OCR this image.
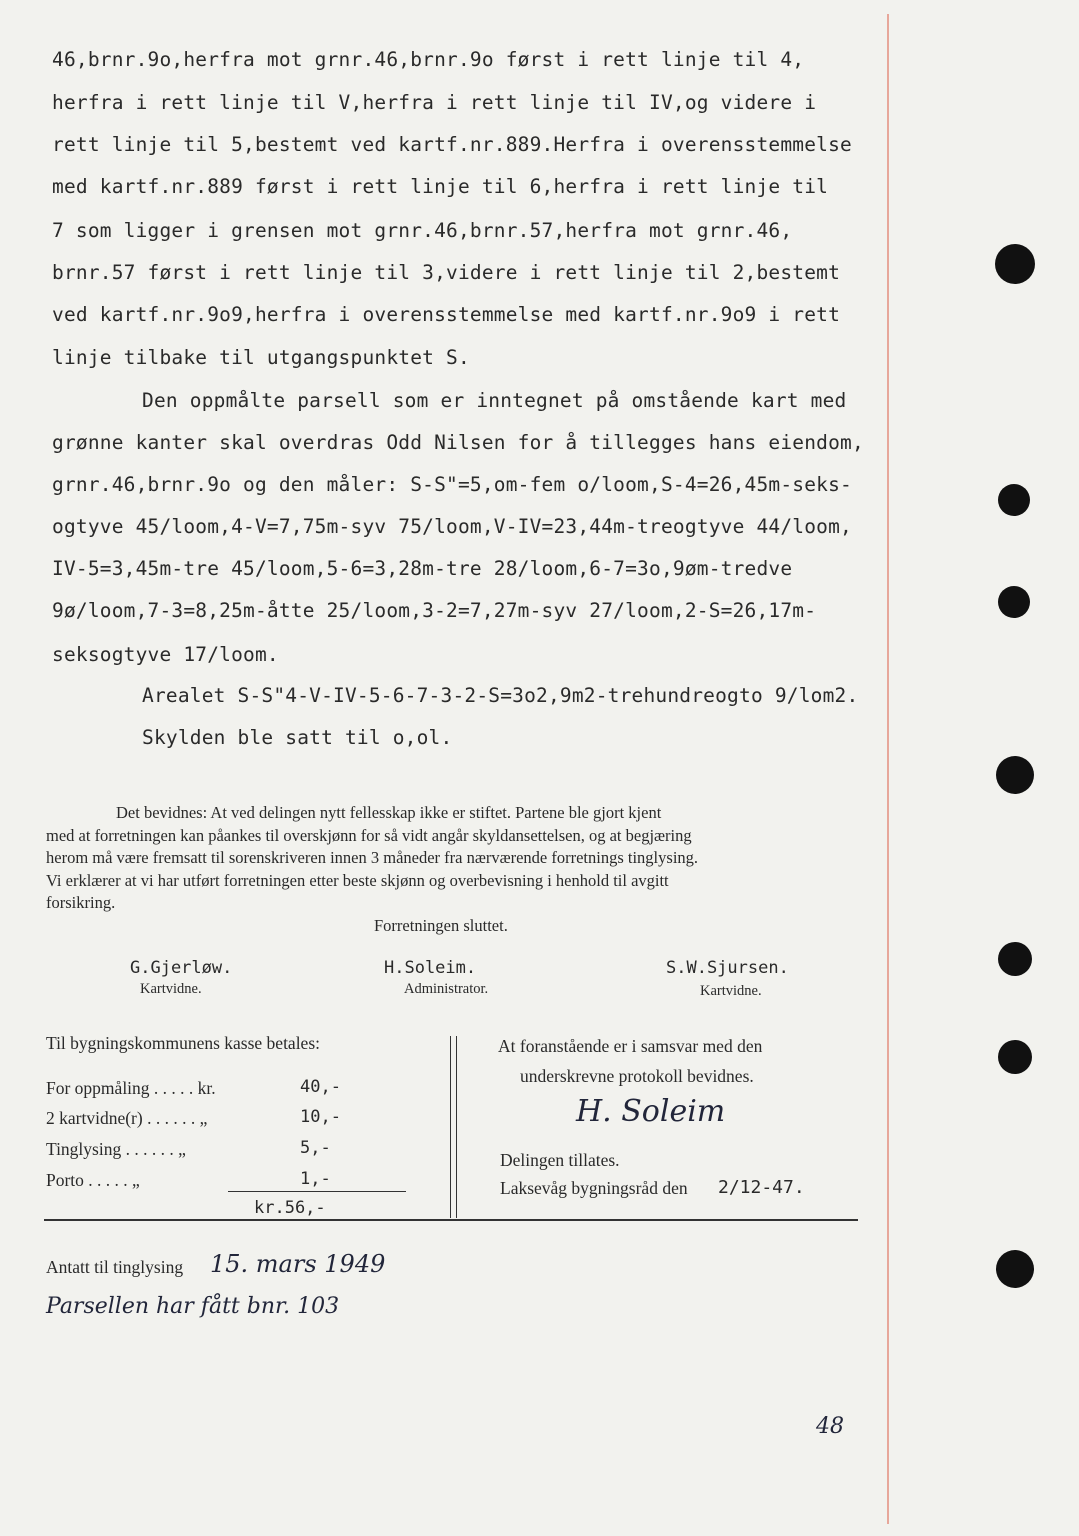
46,brnr.9o,herfra mot grnr.46,brnr.9o først i rett linje til 4,
herfra i rett linje til V,herfra i rett linje til IV,og videre i
rett linje til 5,bestemt ved kartf.nr.889.Herfra i overensstemmelse
med kartf.nr.889 først i rett linje til 6,herfra i rett linje til
7 som ligger i grensen mot grnr.46,brnr.57,herfra mot grnr.46,
brnr.57 først i rett linje til 3,videre i rett linje til 2,bestemt
ved kartf.nr.9o9,herfra i overensstemmelse med kartf.nr.9o9 i rett
linje tilbake til utgangspunktet S.
Den oppmålte parsell som er inntegnet på omstående kart med
grønne kanter skal overdras Odd Nilsen for å tillegges hans eiendom,
grnr.46,brnr.9o og den måler: S-S"=5,om-fem o/loom,S-4=26,45m-seks-
ogtyve 45/loom,4-V=7,75m-syv 75/loom,V-IV=23,44m-treogtyve 44/loom,
IV-5=3,45m-tre 45/loom,5-6=3,28m-tre 28/loom,6-7=3o,9øm-tredve
9ø/loom,7-3=8,25m-åtte 25/loom,3-2=7,27m-syv 27/loom,2-S=26,17m-
seksogtyve 17/loom.
Arealet S-S"4-V-IV-5-6-7-3-2-S=3o2,9m2-trehundreogto 9/lom2.
Skylden ble satt til o,ol.
Det bevidnes: At ved delingen nytt fellesskap ikke er stiftet. Partene ble gjort kjent
med at forretningen kan påankes til overskjønn for så vidt angår skyldansettelsen, og at begjæring
herom må være fremsatt til sorenskriveren innen 3 måneder fra nærværende forretnings tinglysing.
Vi erklærer at vi har utført forretningen etter beste skjønn og overbevisning i henhold til avgitt
forsikring.
Forretningen sluttet.
G.Gjerløw.
Kartvidne.
H.Soleim.
Administrator.
S.W.Sjursen.
Kartvidne.
Til bygningskommunens kasse betales:
For oppmåling . . . . . kr.	40,-
2 kartvidne(r) . . . . . . „	10,-
Tinglysing . . . . . . „	5,-
Porto . . . . . „	1,-
kr.56,-
At foranstående er i samsvar med den
underskrevne protokoll bevidnes.
H. Soleim
Delingen tillates.
Laksevåg bygningsråd den 2/12-47.
Antatt til tinglysing 15. mars 1949
Parsellen har fått bnr. 103
48
